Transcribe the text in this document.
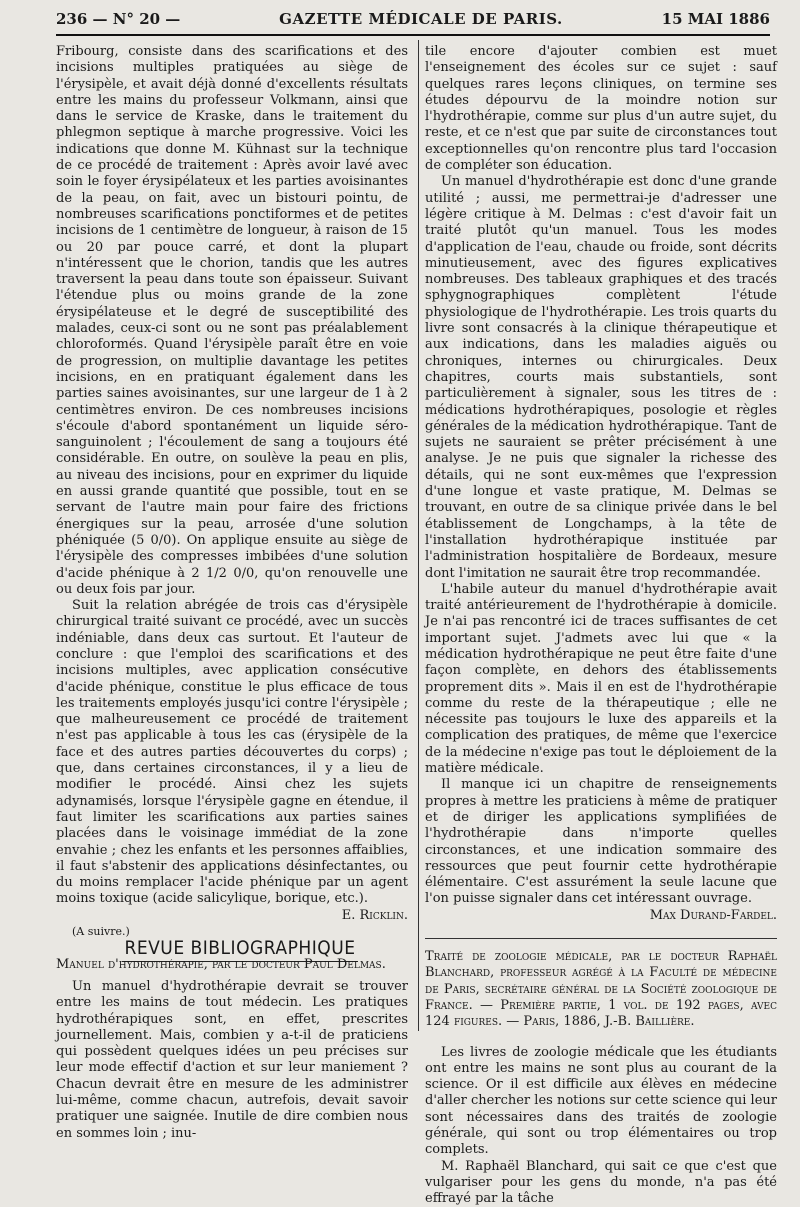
236 — N° 20 —	GAZETTE MÉDICALE DE PARIS.	15 MAI 1886

Fribourg, consiste dans des scarifications et des incisions multiples pratiquées au siège de l'érysipèle, et avait déjà donné d'excellents résultats entre les mains du professeur Volkmann, ainsi que dans le service de Kraske, dans le traitement du phlegmon septique à marche progressive. Voici les indications que donne M. Kühnast sur la technique de ce procédé de traitement : Après avoir lavé avec soin le foyer érysipélateux et les parties avoisinantes de la peau, on fait, avec un bistouri pointu, de nombreuses scarifications ponctiformes et de petites incisions de 1 centimètre de longueur, à raison de 15 ou 20 par pouce carré, et dont la plupart n'intéressent que le chorion, tandis que les autres traversent la peau dans toute son épaisseur. Suivant l'étendue plus ou moins grande de la zone érysipélateuse et le degré de susceptibilité des malades, ceux-ci sont ou ne sont pas préalablement chloroformés. Quand l'érysipèle paraît être en voie de progression, on multiplie davantage les petites incisions, en en pratiquant également dans les parties saines avoisinantes, sur une largeur de 1 à 2 centimètres environ. De ces nombreuses incisions s'écoule d'abord spontanément un liquide séro-sanguinolent ; l'écoulement de sang a toujours été considérable. En outre, on soulève la peau en plis, au niveau des incisions, pour en exprimer du liquide en aussi grande quantité que possible, tout en se servant de l'autre main pour faire des frictions énergiques sur la peau, arrosée d'une solution phéniquée (5 0/0). On applique ensuite au siège de l'érysipèle des compresses imbibées d'une solution d'acide phénique à 2 1/2 0/0, qu'on renouvelle une ou deux fois par jour.

Suit la relation abrégée de trois cas d'érysipèle chirurgical traité suivant ce procédé, avec un succès indéniable, dans deux cas surtout. Et l'auteur de conclure : que l'emploi des scarifications et des incisions multiples, avec application consécutive d'acide phénique, constitue le plus efficace de tous les traitements employés jusqu'ici contre l'érysipèle ; que malheureusement ce procédé de traitement n'est pas applicable à tous les cas (érysipèle de la face et des autres parties découvertes du corps) ; que, dans certaines circonstances, il y a lieu de modifier le procédé. Ainsi chez les sujets adynamisés, lorsque l'érysipèle gagne en étendue, il faut limiter les scarifications aux parties saines placées dans le voisinage immédiat de la zone envahie ; chez les enfants et les personnes affaiblies, il faut s'abstenir des applications désinfectantes, ou du moins remplacer l'acide phénique par un agent moins toxique (acide salicylique, borique, etc.).

E. Ricklin.

(A suivre.)

REVUE BIBLIOGRAPHIQUE

Manuel d'hydrothérapie, par le docteur Paul Delmas.

Un manuel d'hydrothérapie devrait se trouver entre les mains de tout médecin. Les pratiques hydrothérapiques sont, en effet, prescrites journellement. Mais, combien y a-t-il de praticiens qui possèdent quelques idées un peu précises sur leur mode effectif d'action et sur leur maniement ? Chacun devrait être en mesure de les administrer lui-même, comme chacun, autrefois, devait savoir pratiquer une saignée. Inutile de dire combien nous en sommes loin ; inu-

tile encore d'ajouter combien est muet l'enseignement des écoles sur ce sujet : sauf quelques rares leçons cliniques, on termine ses études dépourvu de la moindre notion sur l'hydrothérapie, comme sur plus d'un autre sujet, du reste, et ce n'est que par suite de circonstances tout exceptionnelles qu'on rencontre plus tard l'occasion de compléter son éducation.

Un manuel d'hydrothérapie est donc d'une grande utilité ; aussi, me permettrai-je d'adresser une légère critique à M. Delmas : c'est d'avoir fait un traité plutôt qu'un manuel. Tous les modes d'application de l'eau, chaude ou froide, sont décrits minutieusement, avec des figures explicatives nombreuses. Des tableaux graphiques et des tracés sphygnographiques complètent l'étude physiologique de l'hydrothérapie. Les trois quarts du livre sont consacrés à la clinique thérapeutique et aux indications, dans les maladies aiguës ou chroniques, internes ou chirurgicales. Deux chapitres, courts mais substantiels, sont particulièrement à signaler, sous les titres de : médications hydrothérapiques, posologie et règles générales de la médication hydrothérapique. Tant de sujets ne sauraient se prêter précisément à une analyse. Je ne puis que signaler la richesse des détails, qui ne sont eux-mêmes que l'expression d'une longue et vaste pratique, M. Delmas se trouvant, en outre de sa clinique privée dans le bel établissement de Longchamps, à la tête de l'installation hydrothérapique instituée par l'administration hospitalière de Bordeaux, mesure dont l'imitation ne saurait être trop recommandée.

L'habile auteur du manuel d'hydrothérapie avait traité antérieurement de l'hydrothérapie à domicile. Je n'ai pas rencontré ici de traces suffisantes de cet important sujet. J'admets avec lui que « la médication hydrothérapique ne peut être faite d'une façon complète, en dehors des établissements proprement dits ». Mais il en est de l'hydrothérapie comme du reste de la thérapeutique ; elle ne nécessite pas toujours le luxe des appareils et la complication des pratiques, de même que l'exercice de la médecine n'exige pas tout le déploiement de la matière médicale.

Il manque ici un chapitre de renseignements propres à mettre les praticiens à même de pratiquer et de diriger les applications symplifiées de l'hydrothérapie dans n'importe quelles circonstances, et une indication sommaire des ressources que peut fournir cette hydrothérapie élémentaire. C'est assurément la seule lacune que l'on puisse signaler dans cet intéressant ouvrage.

Max Durand-Fardel.

Traité de zoologie médicale, par le docteur Raphaël Blanchard, professeur agrégé à la Faculté de médecine de Paris, secrétaire général de la Société zoologique de France. — Première partie, 1 vol. de 192 pages, avec 124 figures. — Paris, 1886, J.-B. Baillière.

Les livres de zoologie médicale que les étudiants ont entre les mains ne sont plus au courant de la science. Or il est difficile aux élèves en médecine d'aller chercher les notions sur cette science qui leur sont nécessaires dans des traités de zoologie générale, qui sont ou trop élémentaires ou trop complets.

M. Raphaël Blanchard, qui sait ce que c'est que vulgariser pour les gens du monde, n'a pas été effrayé par la tâche
